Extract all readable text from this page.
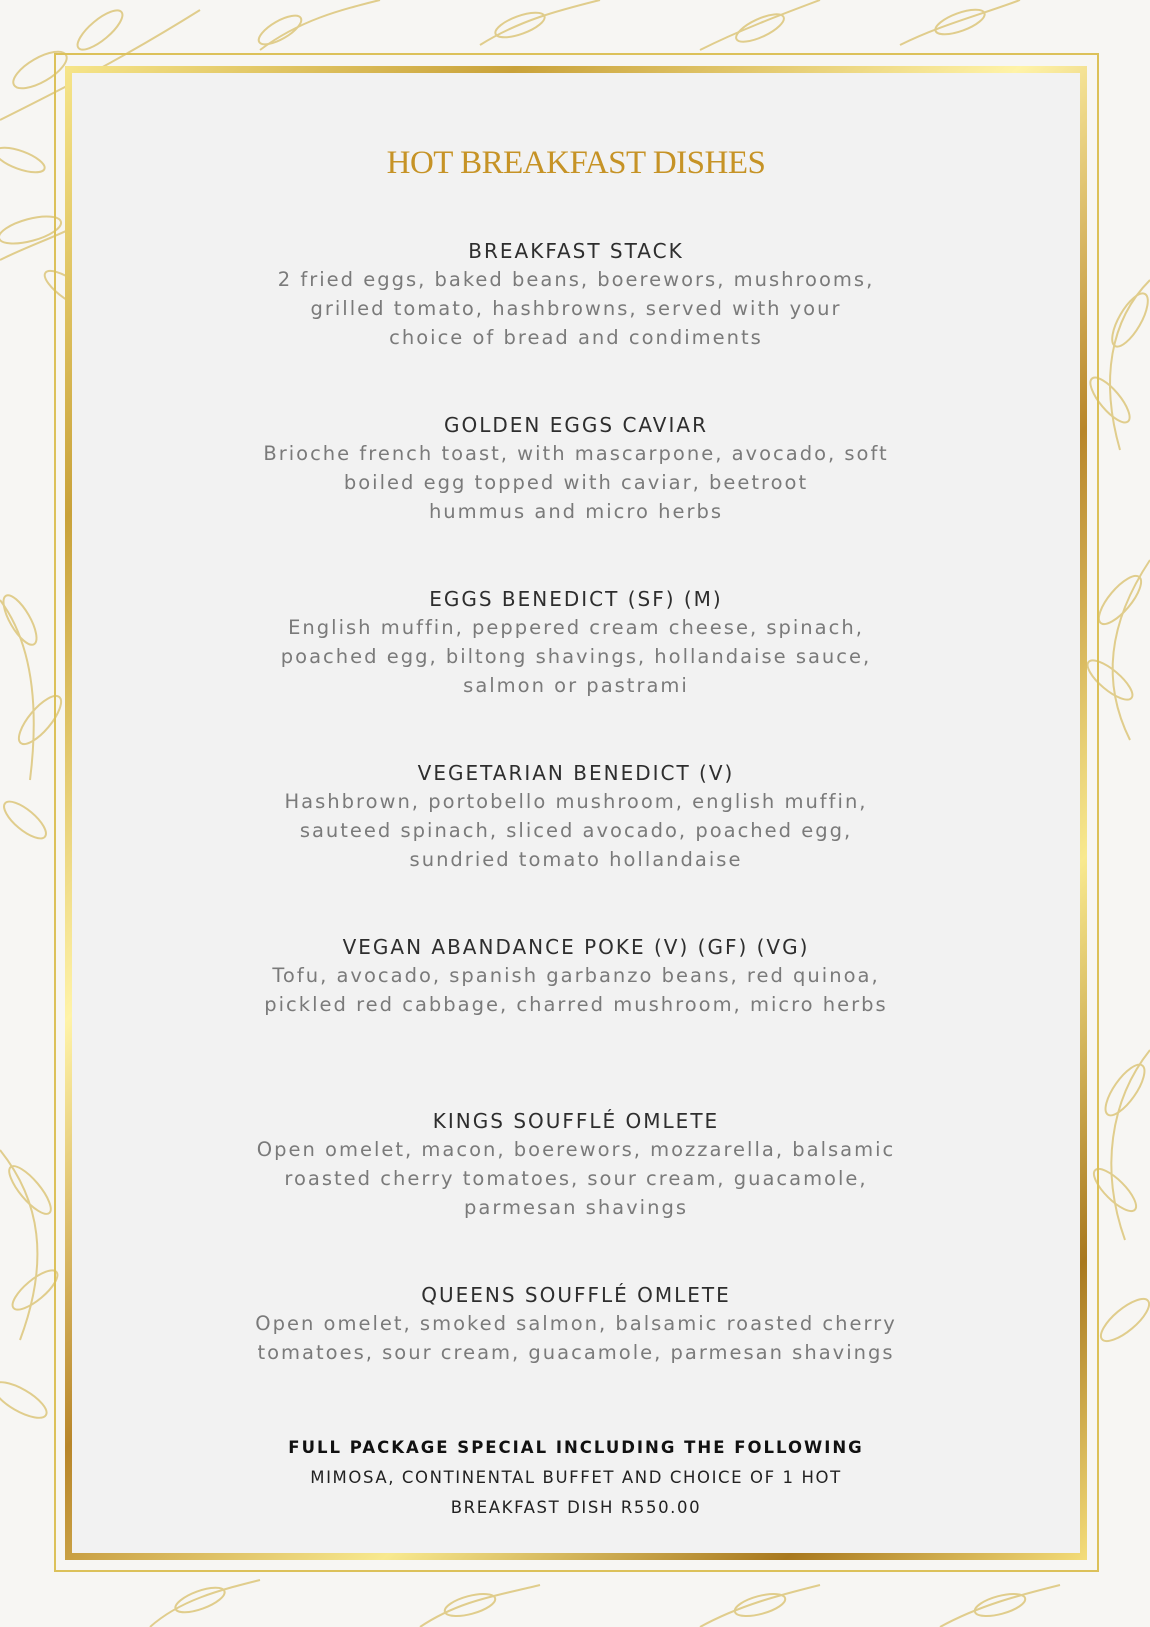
HOT BREAKFAST DISHES
BREAKFAST STACK
2 fried eggs, baked beans, boerewors, mushrooms,
grilled tomato, hashbrowns, served with your
choice of bread and condiments
GOLDEN EGGS CAVIAR
Brioche french toast, with mascarpone, avocado, soft
boiled egg topped with caviar, beetroot
hummus and micro herbs
EGGS BENEDICT (SF) (M)
English muffin, peppered cream cheese, spinach,
poached egg, biltong shavings, hollandaise sauce,
salmon or pastrami
VEGETARIAN BENEDICT (V)
Hashbrown, portobello mushroom, english muffin,
sauteed spinach, sliced avocado, poached egg,
sundried tomato hollandaise
VEGAN ABANDANCE POKE (V) (GF) (VG)
Tofu, avocado, spanish garbanzo beans, red quinoa,
pickled red cabbage, charred mushroom, micro herbs
KINGS SOUFFLÉ OMLETE
Open omelet, macon, boerewors, mozzarella, balsamic
roasted cherry tomatoes, sour cream, guacamole,
parmesan shavings
QUEENS SOUFFLÉ OMLETE
Open omelet, smoked salmon, balsamic roasted cherry
tomatoes, sour cream, guacamole, parmesan shavings
FULL PACKAGE SPECIAL INCLUDING THE FOLLOWING
MIMOSA, CONTINENTAL BUFFET AND CHOICE OF 1 HOT
BREAKFAST DISH R550.00
